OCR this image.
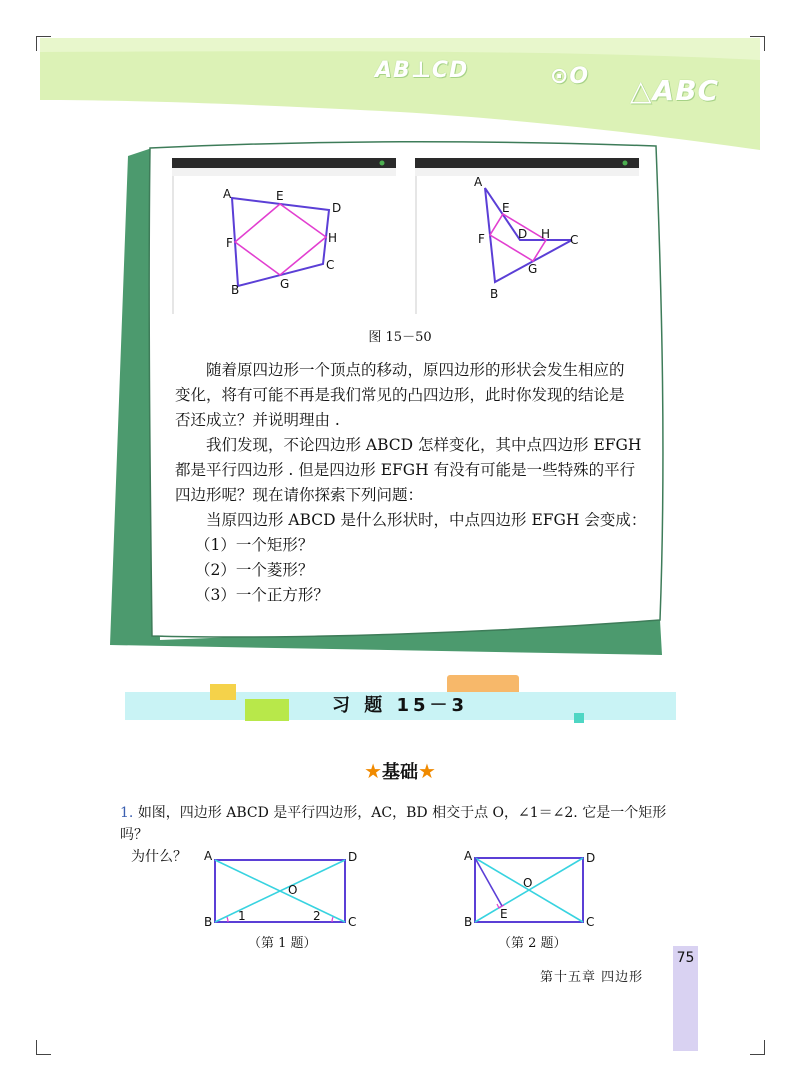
AB⊥CD	⊙O △ABC
A	E
D
F	H
C
B	G
A
E
F	D H C
G
B
图 15－50
随着原四边形一个顶点的移动，原四边形的形状会发生相应的
变化，将有可能不再是我们常见的凸四边形，此时你发现的结论是
否还成立？并说明理由 .
我们发现，不论四边形 ABCD 怎样变化，其中点四边形 EFGH
都是平行四边形 . 但是四边形 EFGH 有没有可能是一些特殊的平行
四边形呢？现在请你探索下列问题：
当原四边形 ABCD 是什么形状时，中点四边形 EFGH 会变成：
（1）一个矩形？
（2）一个菱形？
（3）一个正方形？
习 题 15－3
★基础★
1. 如图，四边形 ABCD 是平行四边形，AC，BD 相交于点 O，∠1＝∠2. 它是一个矩形吗？
为什么？	A	D
O
B	C
1	2
（第 1 题）
A	D
O
E
B	C
（第 2 题）
75
第十五章 四边形
